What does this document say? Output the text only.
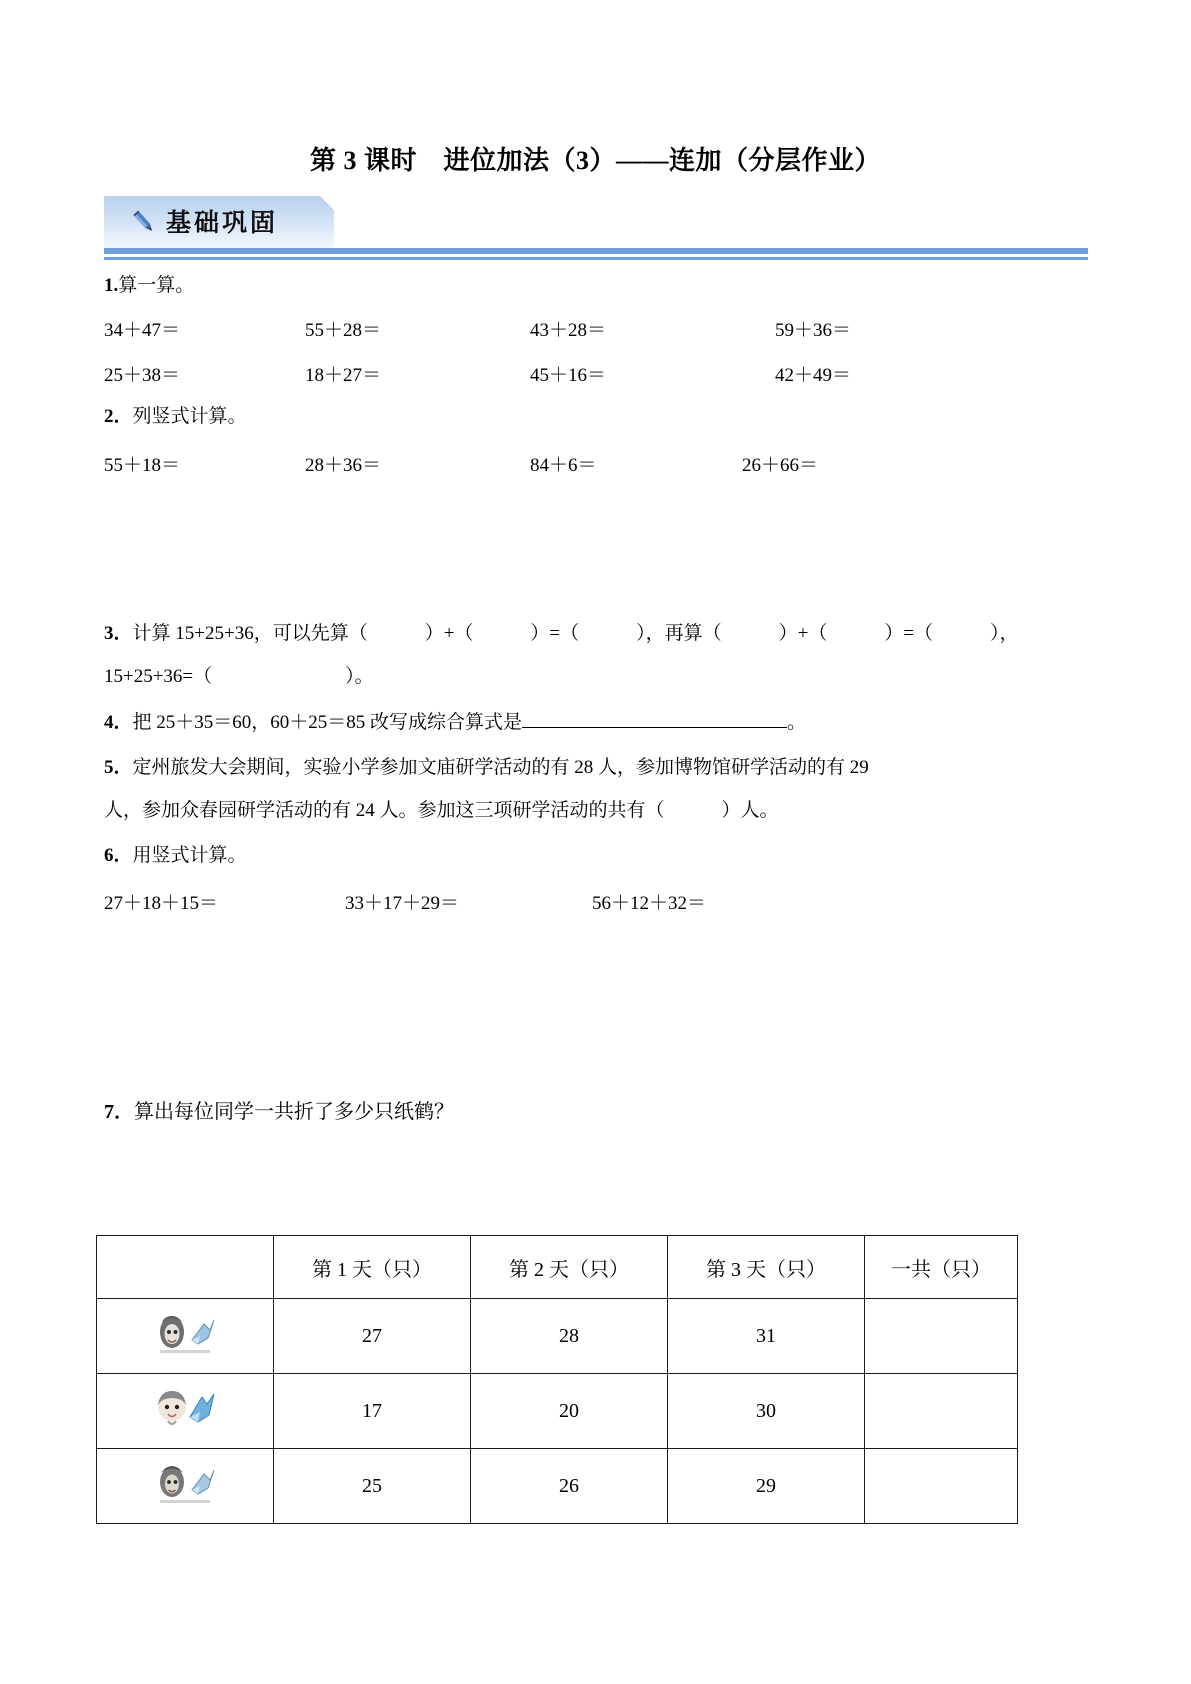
第 3 课时　进位加法（3）——连加（分层作业）
基础巩固
1.算一算。
34＋47＝	55＋28＝	43＋28＝	59＋36＝
25＋38＝	18＋27＝	45＋16＝	42＋49＝
2．列竖式计算。
55＋18＝	28＋36＝	84＋6＝	26＋66＝
3．计算 15+25+36，可以先算（　　　）+（　　　）=（　　　），再算（　　　）+（　　　）=（　　　），
15+25+36=（　　　　　　　）。
4．把 25＋35＝60，60＋25＝85 改写成综合算式是	。
5．定州旅发大会期间，实验小学参加文庙研学活动的有 28 人，参加博物馆研学活动的有 29
人，参加众春园研学活动的有 24 人。参加这三项研学活动的共有（　　　）人。
6．用竖式计算。
27＋18＋15＝	33＋17＋29＝	56＋12＋32＝
7．算出每位同学一共折了多少只纸鹤？
	第 1 天（只）	第 2 天（只）	第 3 天（只）	一共（只）

	27	28	31	

	17	20	30	

	25	26	29	
